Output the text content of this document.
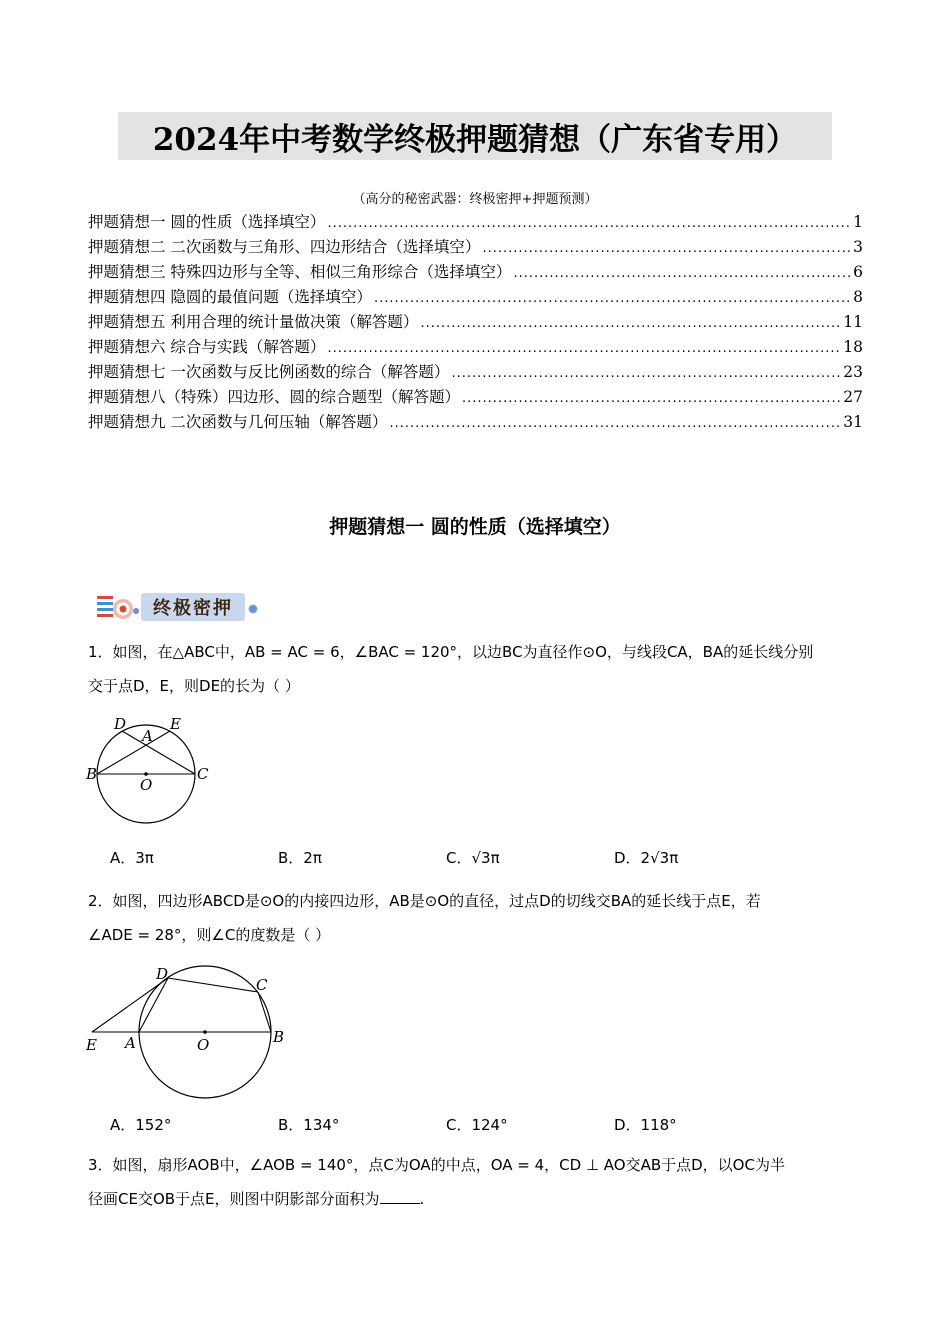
2024年中考数学终极押题猜想（广东省专用）
（高分的秘密武器：终极密押+押题预测）
押题猜想一 圆的性质（选择填空） .....	1
押题猜想二 二次函数与三角形、四边形结合（选择填空） .....	3
押题猜想三 特殊四边形与全等、相似三角形综合（选择填空） .....	6
押题猜想四 隐圆的最值问题（选择填空） .....	8
押题猜想五 利用合理的统计量做决策（解答题） .....	11
押题猜想六 综合与实践（解答题） .....	18
押题猜想七 一次函数与反比例函数的综合（解答题） .....	23
押题猜想八（特殊）四边形、圆的综合题型（解答题） .....	27
押题猜想九 二次函数与几何压轴（解答题） .....	31
押题猜想一 圆的性质（选择填空）
终极密押
1．如图，在△ABC中，AB = AC = 6，∠BAC = 120°，以边BC为直径作⊙O，与线段CA，BA的延长线分别
交于点D，E，则DE的长为（ ）
D	E
A
B	C
O
A．3π	B．2π	C．√3π	D．2√3π
2．如图，四边形ABCD是⊙O的内接四边形，AB是⊙O的直径，过点D的切线交BA的延长线于点E，若
∠ADE = 28°，则∠C的度数是（ ）
D
C
E A	O	B
A．152°	B．134°	C．124°	D．118°
3．如图，扇形AOB中，∠AOB = 140°，点C为OA的中点，OA = 4，CD ⊥ AO交AB于点D，以OC为半
径画CE交OB于点E，则图中阴影部分面积为	.
